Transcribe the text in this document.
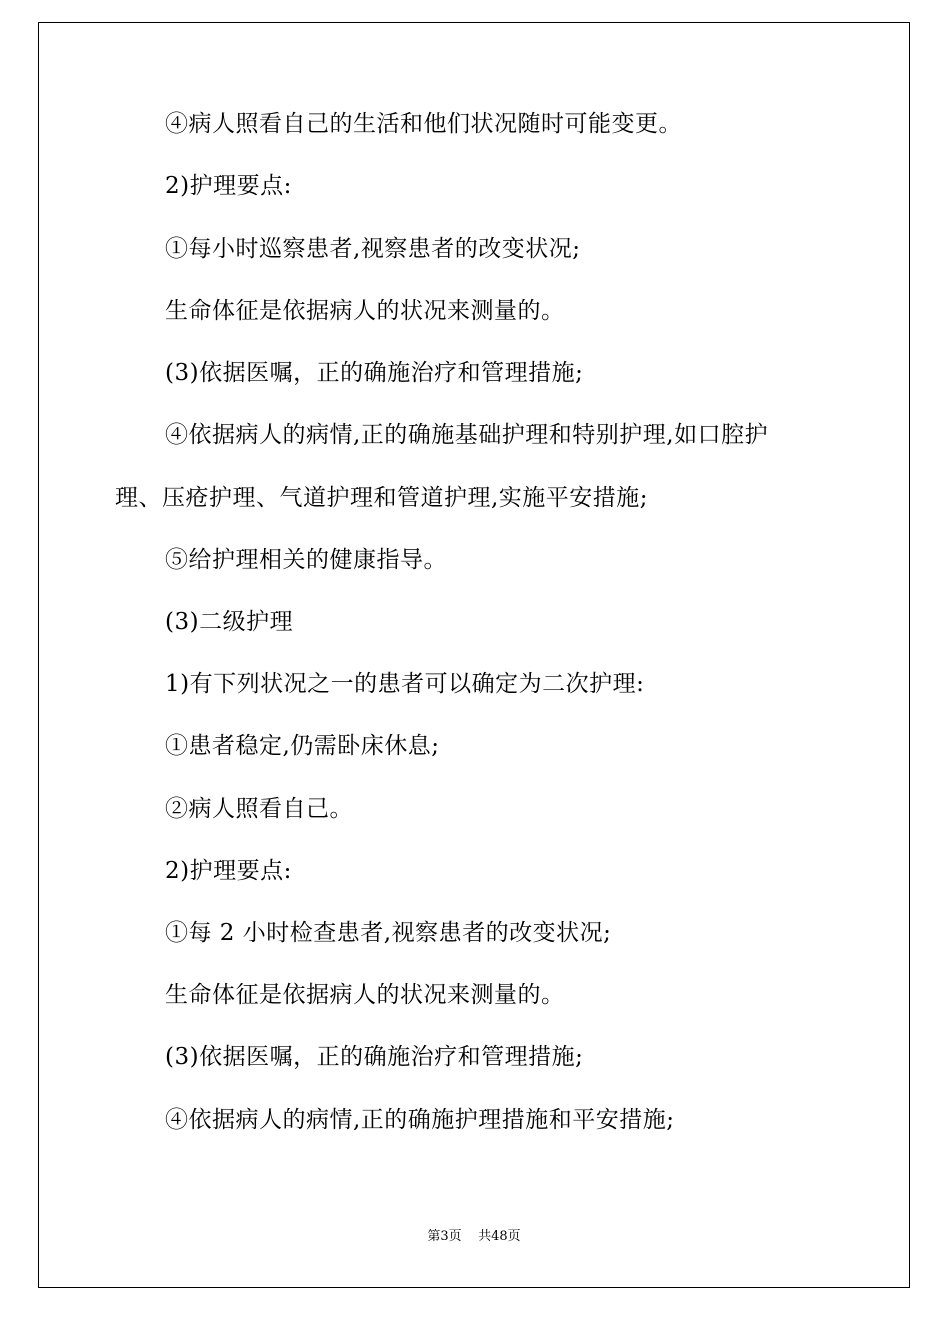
④病人照看自己的生活和他们状况随时可能变更。
2)护理要点:
①每小时巡察患者,视察患者的改变状况;
生命体征是依据病人的状况来测量的。
(3)依据医嘱，正的确施治疗和管理措施;
④依据病人的病情,正的确施基础护理和特别护理,如口腔护
理、压疮护理、气道护理和管道护理,实施平安措施;
⑤给护理相关的健康指导。
(3)二级护理
1)有下列状况之一的患者可以确定为二次护理:
①患者稳定,仍需卧床休息;
②病人照看自己。
2)护理要点:
①每 2 小时检查患者,视察患者的改变状况;
生命体征是依据病人的状况来测量的。
(3)依据医嘱，正的确施治疗和管理措施;
④依据病人的病情,正的确施护理措施和平安措施;
第3页    共48页
